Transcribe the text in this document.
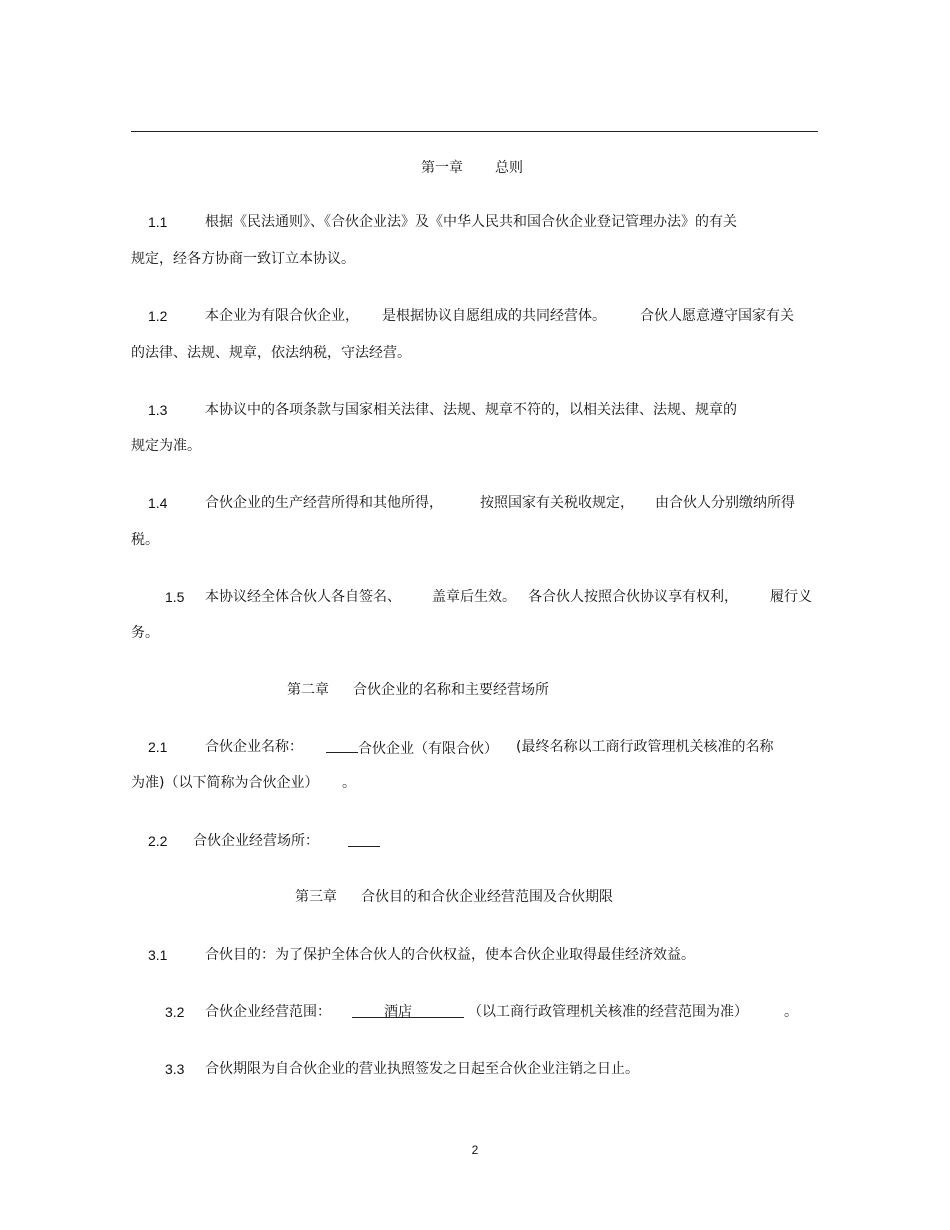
第一章 总则
1.1	根据《民法通则》、《合伙企业法》及《中华人民共和国合伙企业登记管理办法》的有关
规定，经各方协商一致订立本协议。
1.2	本企业为有限合伙企业， 是根据协议自愿组成的共同经营体。 合伙人愿意遵守国家有关
的法律、法规、规章，依法纳税，守法经营。
1.3	本协议中的各项条款与国家相关法律、法规、规章不符的，以相关法律、法规、规章的
规定为准。
1.4	合伙企业的生产经营所得和其他所得，	按照国家有关税收规定， 由合伙人分别缴纳所得
税。
1.5 本协议经全体合伙人各自签名、 盖章后生效。 各合伙人按照合伙协议享有权利， 履行义
务。
第二章 合伙企业的名称和主要经营场所
2.1	合伙企业名称：	合伙企业（有限合伙） (最终名称以工商行政管理机关核准的名称
为准)（以下简称为合伙企业） 。
2.2 合伙企业经营场所：
第三章 合伙目的和合伙企业经营范围及合伙期限
3.1	合伙目的：为了保护全体合伙人的合伙权益，使本合伙企业取得最佳经济效益。
3.2 合伙企业经营范围：	酒店	（以工商行政管理机关核准的经营范围为准）	。
3.3 合伙期限为自合伙企业的营业执照签发之日起至合伙企业注销之日止。
2
